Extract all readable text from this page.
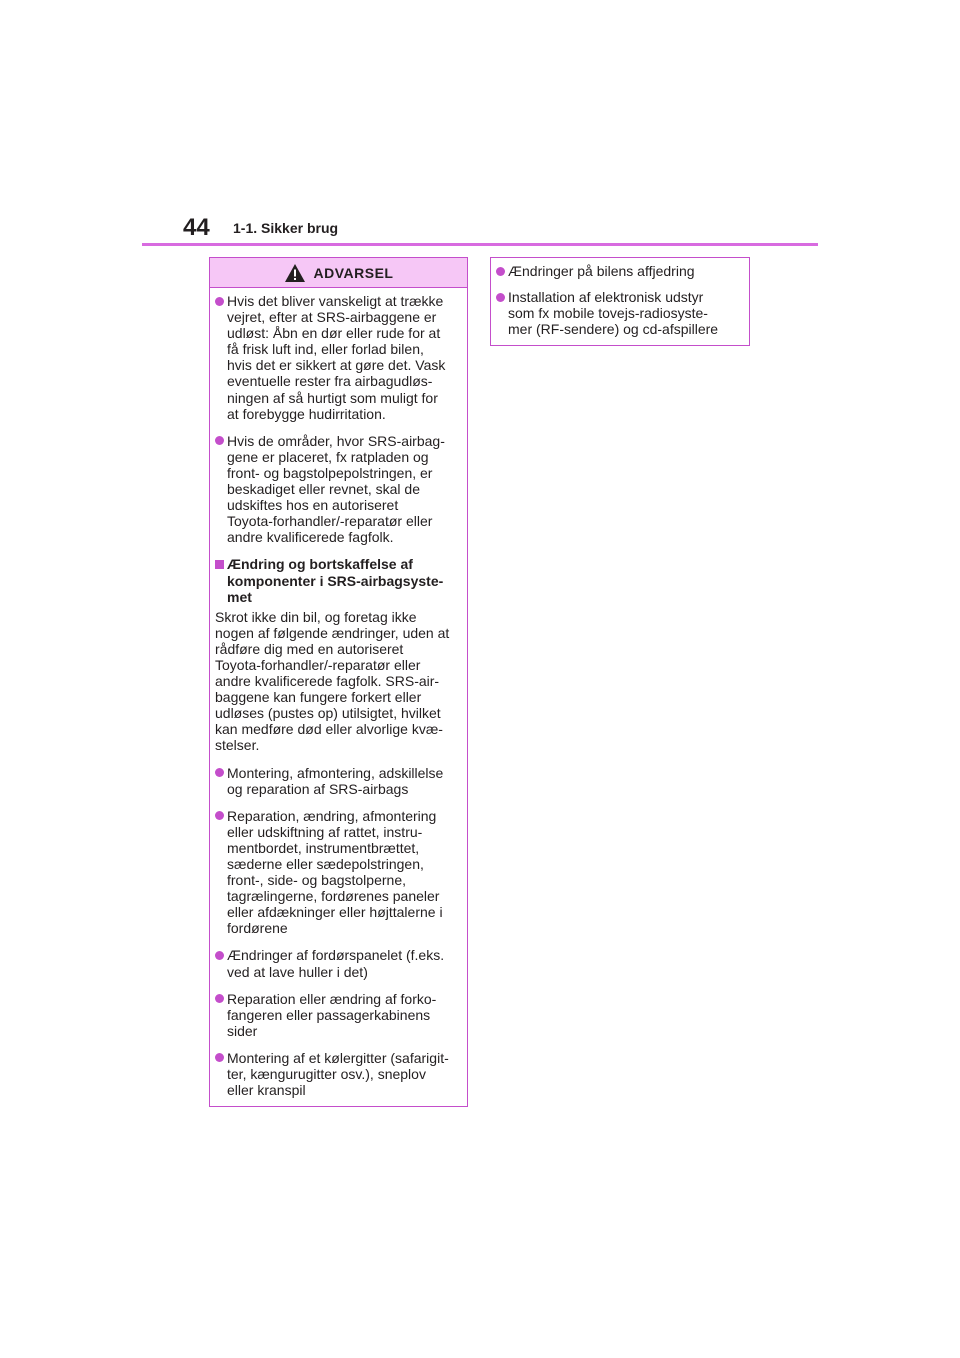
44 1-1. Sikker brug
ADVARSEL
Hvis det bliver vanskeligt at trække
vejret, efter at SRS-airbaggene er
udløst: Åbn en dør eller rude for at
få frisk luft ind, eller forlad bilen,
hvis det er sikkert at gøre det. Vask
eventuelle rester fra airbagudløs-
ningen af så hurtigt som muligt for
at forebygge hudirritation.
Hvis de områder, hvor SRS-airbag-
gene er placeret, fx ratpladen og
front- og bagstolpepolstringen, er
beskadiget eller revnet, skal de
udskiftes hos en autoriseret
Toyota-forhandler/-reparatør eller
andre kvalificerede fagfolk.
Ændring og bortskaffelse af
komponenter i SRS-airbagsyste-
met
Skrot ikke din bil, og foretag ikke
nogen af følgende ændringer, uden at
rådføre dig med en autoriseret
Toyota-forhandler/-reparatør eller
andre kvalificerede fagfolk. SRS-air-
baggene kan fungere forkert eller
udløses (pustes op) utilsigtet, hvilket
kan medføre død eller alvorlige kvæ-
stelser.
Montering, afmontering, adskillelse
og reparation af SRS-airbags
Reparation, ændring, afmontering
eller udskiftning af rattet, instru-
mentbordet, instrumentbrættet,
sæderne eller sædepolstringen,
front-, side- og bagstolperne,
tagrælingerne, fordørenes paneler
eller afdækninger eller højttalerne i
fordørene
Ændringer af fordørspanelet (f.eks.
ved at lave huller i det)
Reparation eller ændring af forko-
fangeren eller passagerkabinens
sider
Montering af et kølergitter (safarigit-
ter, kængurugitter osv.), sneplov
eller kranspil
Ændringer på bilens affjedring
Installation af elektronisk udstyr
som fx mobile tovejs-radiosyste-
mer (RF-sendere) og cd-afspillere
